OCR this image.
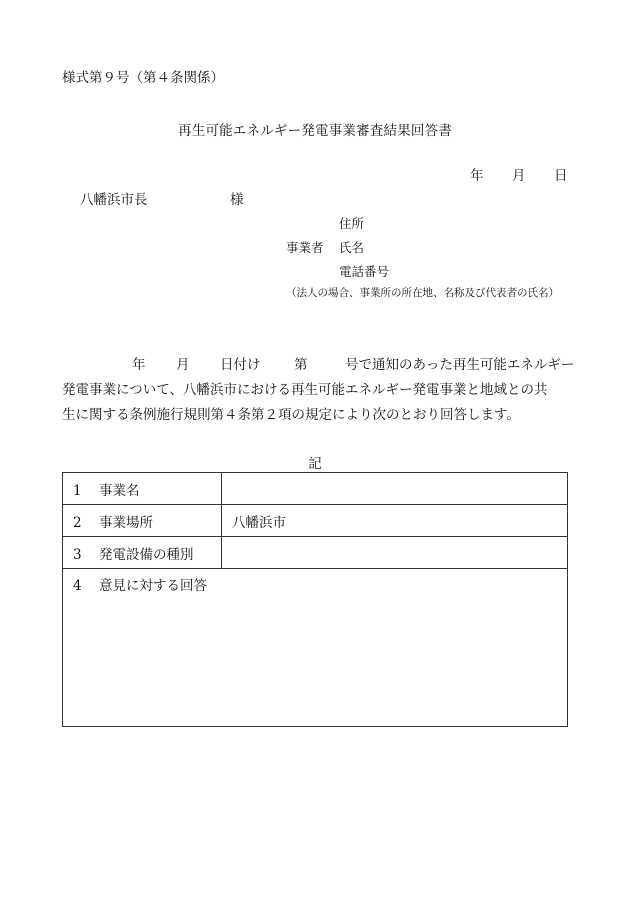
様式第９号（第４条関係）
再生可能エネルギー発電事業審査結果回答書
年 月 日
八幡浜市長	様
住所
事業者 氏名
電話番号
（法人の場合、事業所の所在地、名称及び代表者の氏名）
年 月 日付け 第	号で通知のあった再生可能エネルギー
発電事業について、八幡浜市における再生可能エネルギー発電事業と地域との共
生に関する条例施行規則第４条第２項の規定により次のとおり回答します。
記
1 事業名	
2 事業場所	八幡浜市
3 発電設備の種別	
4 意見に対する回答	
